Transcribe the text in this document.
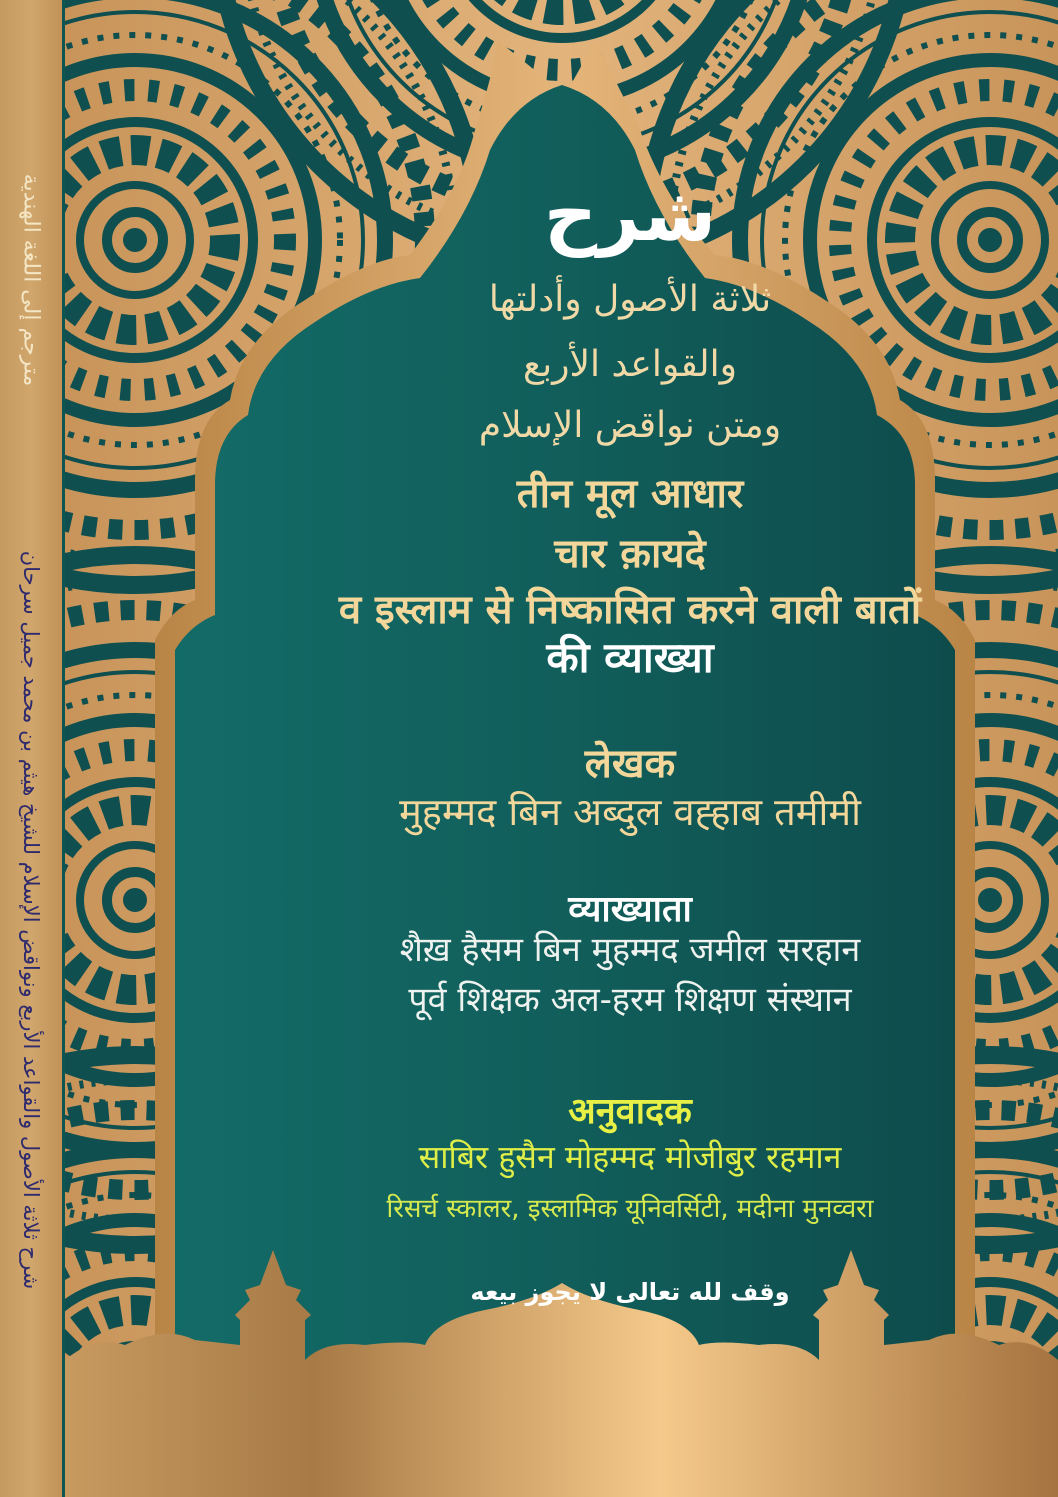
مترجم إلى اللغة الهندية
شرح ثلاثة الأصول والقواعد الأربع ونواقض الإسلام للشيخ هيثم بن محمد جميل سرحان
شرح
ثلاثة الأصول وأدلتها
والقواعد الأربع
ومتن نواقض الإسلام
तीन मूल आधार
चार क़ायदे
व इस्लाम से निष्कासित करने वाली बातों
की व्याख्या
लेखक
मुहम्मद बिन अब्दुल वह्हाब तमीमी
व्याख्याता
शैख़ हैसम बिन मुहम्मद जमील सरहान
पूर्व शिक्षक अल-हरम शिक्षण संस्थान
अनुवादक
साबिर हुसैन मोहम्मद मोजीबुर रहमान
रिसर्च स्कालर, इस्लामिक यूनिवर्सिटी, मदीना मुनव्वरा
وقف لله تعالى لا يجوز بيعه
